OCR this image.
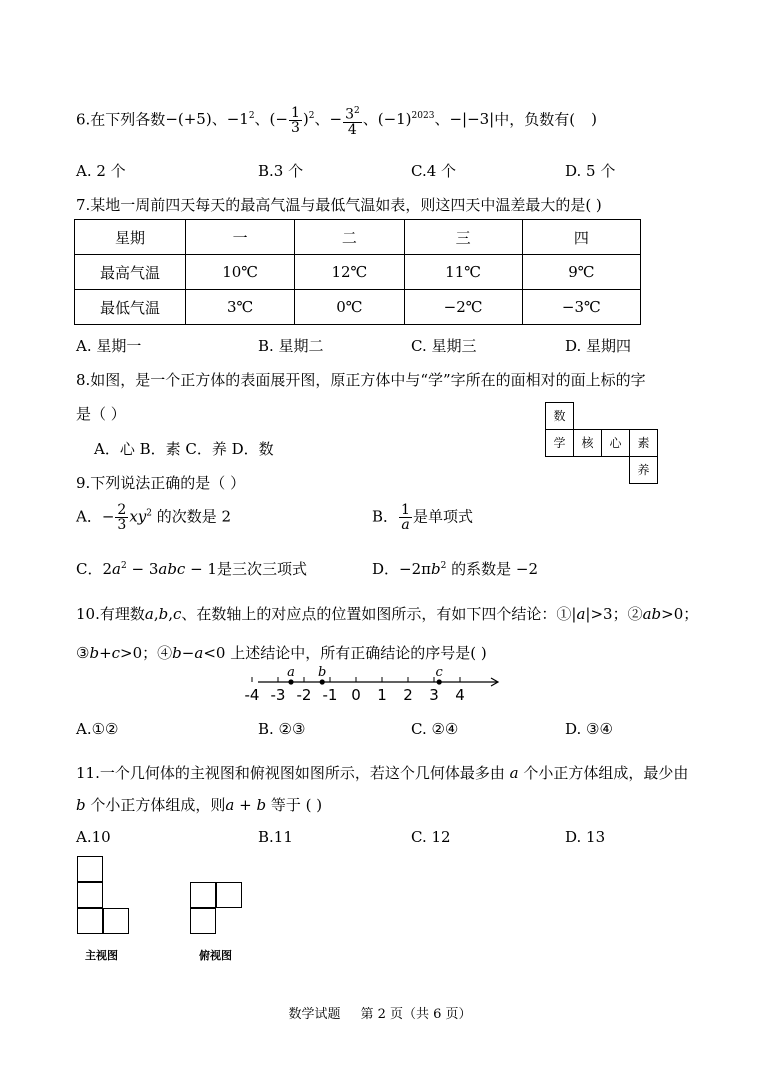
6.在下列各数−(+5)、$-1^2$、(− $\frac{1}{3} )^2$、− $\frac{3^2}{4}$ 、$(-1)^{2023}$、−|−3|中，负数有( )
A. 2 个	B.3 个	C.4 个	D. 5 个
7.某地一周前四天每天的最高气温与最低气温如表，则这四天中温差最大的是( )
星期	一	二	三	四
最高气温	10℃	12℃	11℃	9℃
最低气温	3℃	0℃	−2℃	−3℃
A. 星期一	B. 星期二	C. 星期三	D. 星期四
8.如图，是一个正方体的表面展开图，原正方体中与“学”字所在的面相对的面上标的字
是（ ）
A．心 B．素 C．养 D．数
数
学	核	心	素
养
9.下列说法正确的是（ ）
A．− $\frac{2}{3} xy^2$ 的次数是 2	B． $\frac{1}{a}$ 是单项式
C．$2a^2 - 3abc - 1$是三次三项式	D．$-2\pi b^2$ 的系数是 −2
10.有理数a,b,c、在数轴上的对应点的位置如图所示，有如下四个结论：①|a|>3；②ab>0；
③b+c>0；④b−a<0 上述结论中，所有正确结论的序号是( )
-4 -3 -2 -1 0 1 2 3 4
a b	c
A.①②	B. ②③	C. ②④	D. ③④
11.一个几何体的主视图和俯视图如图所示，若这个几何体最多由 a 个小正方体组成，最少由
b 个小正方体组成，则a + b 等于 ( )
A.10	B.11	C. 12	D. 13
主视图	俯视图
数学试题 第 2 页（共 6 页）
